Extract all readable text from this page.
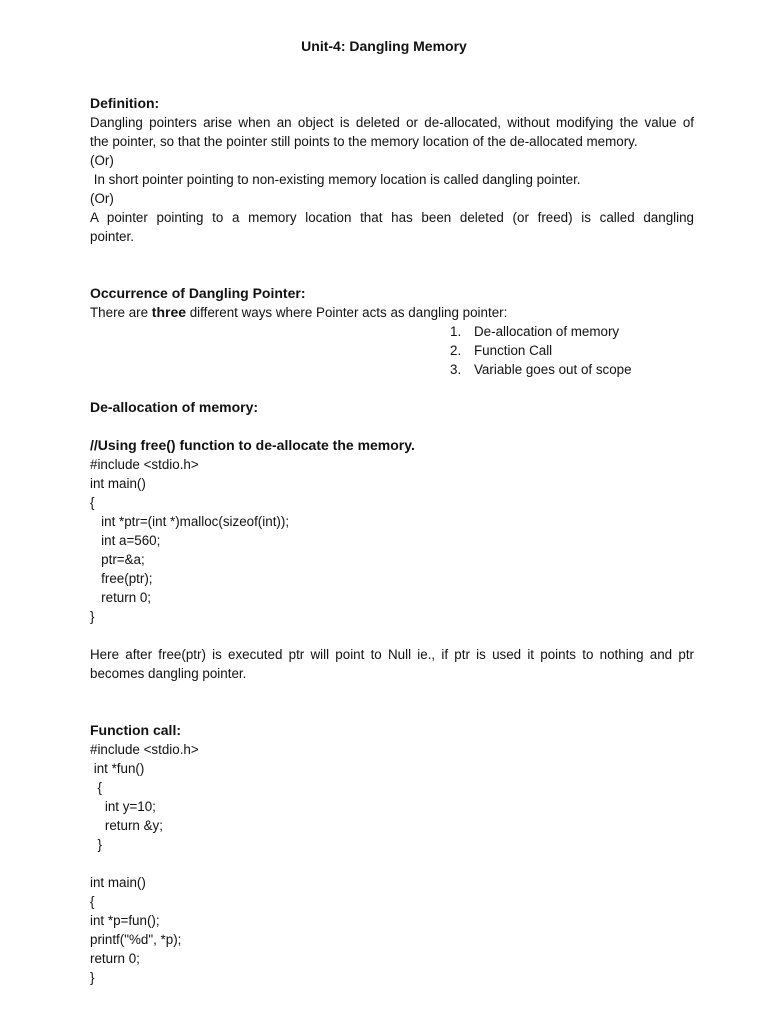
Unit-4: Dangling Memory
Definition:
Dangling pointers arise when an object is deleted or de-allocated, without modifying the value of
the pointer, so that the pointer still points to the memory location of the de-allocated memory.
(Or)
In short pointer pointing to non-existing memory location is called dangling pointer.
(Or)
A pointer pointing to a memory location that has been deleted (or freed) is called dangling
pointer.
Occurrence of Dangling Pointer:
There are three different ways where Pointer acts as dangling pointer:
1. De-allocation of memory
2. Function Call
3. Variable goes out of scope
De-allocation of memory:
//Using free() function to de-allocate the memory.
#include <stdio.h>
int main()
{
int *ptr=(int *)malloc(sizeof(int));
int a=560;
ptr=&a;
free(ptr);
return 0;
}
Here after free(ptr) is executed ptr will point to Null ie., if ptr is used it points to nothing and ptr
becomes dangling pointer.
Function call:
#include <stdio.h>
int *fun()
{
int y=10;
return &y;
}
int main()
{
int *p=fun();
printf("%d", *p);
return 0;
}
